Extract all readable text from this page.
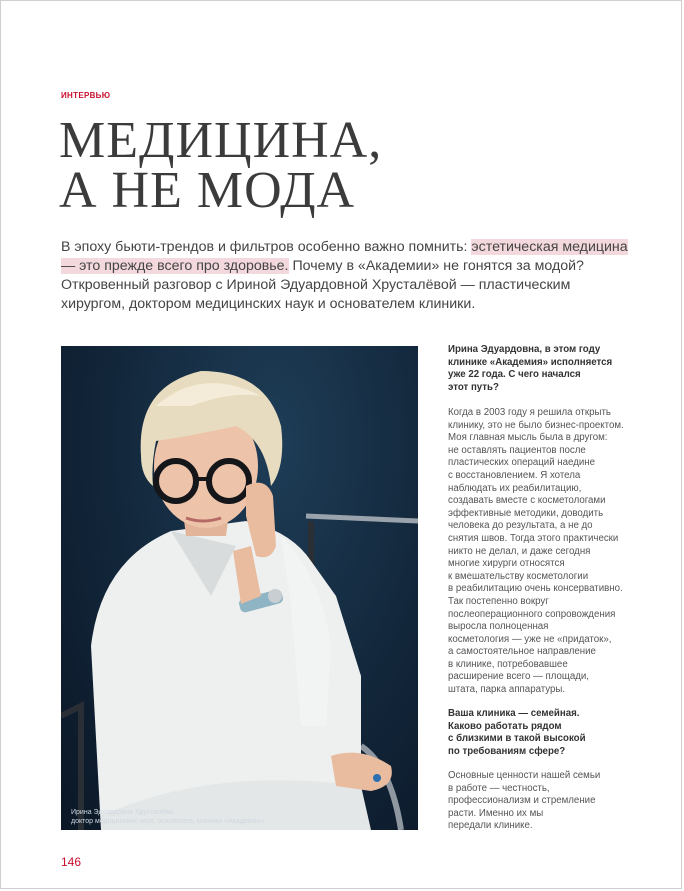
ИНТЕРВЬЮ
МЕДИЦИНА,
А НЕ МОДА
В эпоху бьюти-трендов и фильтров особенно важно помнить: эстетическая медицина — это прежде всего про здоровье. Почему в «Академии» не гонятся за модой? Откровенный разговор с Ириной Эдуардовной Хрусталёвой — пластическим хирургом, доктором медицинских наук и основателем клиники.
Ирина Эдуардовна Хрусталёва,
доктор медицинских наук, основатель клиники «Академия»

Ирина Эдуардовна, в этом году
клинике «Академия» исполняется
уже 22 года. С чего начался
этот путь?

Когда в 2003 году я решила открыть
клинику, это не было бизнес-проектом.
Моя главная мысль была в другом:
не оставлять пациентов после
пластических операций наедине
с восстановлением. Я хотела
наблюдать их реабилитацию,
создавать вместе с косметологами
эффективные методики, доводить
человека до результата, а не до
снятия швов. Тогда этого практически
никто не делал, и даже сегодня
многие хирурги относятся
к вмешательству косметологии
в реабилитацию очень консервативно.
Так постепенно вокруг
послеоперационного сопровождения
выросла полноценная
косметология — уже не «придаток»,
а самостоятельное направление
в клинике, потребовавшее
расширение всего — площади,
штата, парка аппаратуры.

Ваша клиника — семейная.
Каково работать рядом
с близкими в такой высокой
по требованиям сфере?

Основные ценности нашей семьи
в работе — честность,
профессионализм и стремление
расти. Именно их мы
передали клинике.

146
